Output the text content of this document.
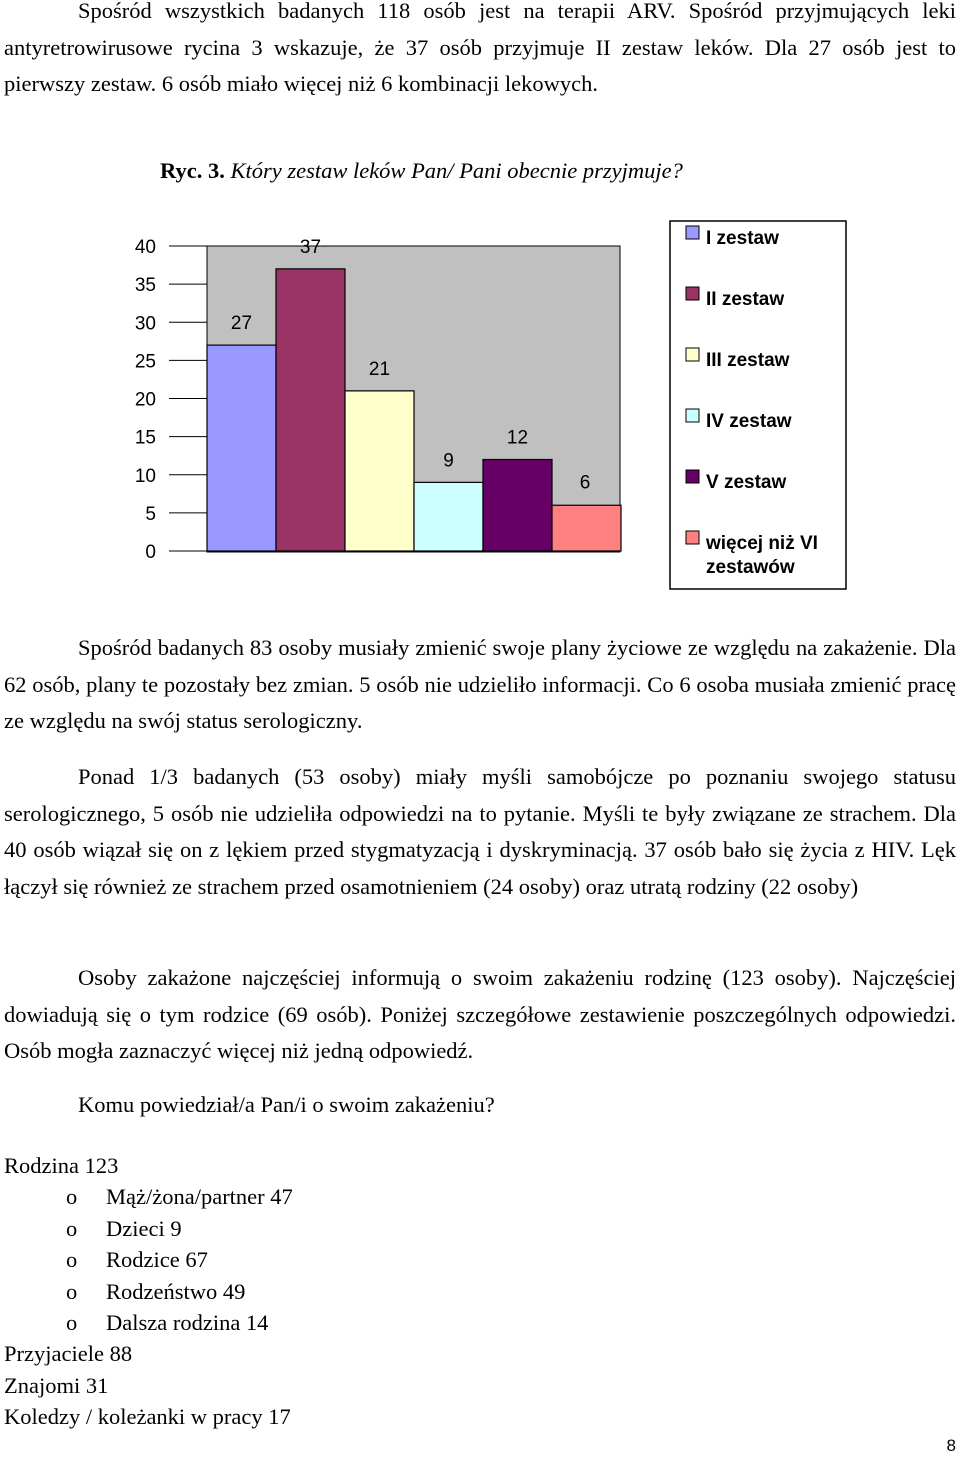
Spośród wszystkich badanych 118 osób jest na terapii ARV. Spośród przyjmujących leki antyretrowirusowe rycina 3 wskazuje, że 37 osób przyjmuje II zestaw leków. Dla 27 osób jest to pierwszy zestaw. 6 osób miało więcej niż 6 kombinacji lekowych.

Ryc. 3. Który zestaw leków Pan/ Pani obecnie przyjmuje?
0
5
10
15
20
25
30
35
40
27
37
21
9
12
6
I zestaw
II zestaw
III zestaw
IV zestaw
V zestaw
więcej niż VI zestawów

Spośród badanych 83 osoby musiały zmienić swoje plany życiowe ze względu na zakażenie. Dla 62 osób, plany te pozostały bez zmian. 5 osób nie udzieliło informacji. Co 6 osoba musiała zmienić pracę ze względu na swój status serologiczny.

Ponad 1/3 badanych (53 osoby) miały myśli samobójcze po poznaniu swojego statusu serologicznego, 5 osób nie udzieliła odpowiedzi na to pytanie. Myśli te były związane ze strachem. Dla 40 osób wiązał się on z lękiem przed stygmatyzacją i dyskryminacją. 37 osób bało się życia z HIV. Lęk łączył się również ze strachem przed osamotnieniem (24 osoby) oraz utratą rodziny (22 osoby)

Osoby zakażone najczęściej informują o swoim zakażeniu rodzinę (123 osoby). Najczęściej dowiadują się o tym rodzice (69 osób). Poniżej szczegółowe zestawienie poszczególnych odpowiedzi. Osób mogła zaznaczyć więcej niż jedną odpowiedź.

Komu powiedział/a Pan/i o swoim zakażeniu?
Rodzina 123
o Mąż/żona/partner 47
o Dzieci 9
o Rodzice 67
o Rodzeństwo 49
o Dalsza rodzina 14
Przyjaciele 88
Znajomi 31
Koledzy / koleżanki w pracy 17
8
